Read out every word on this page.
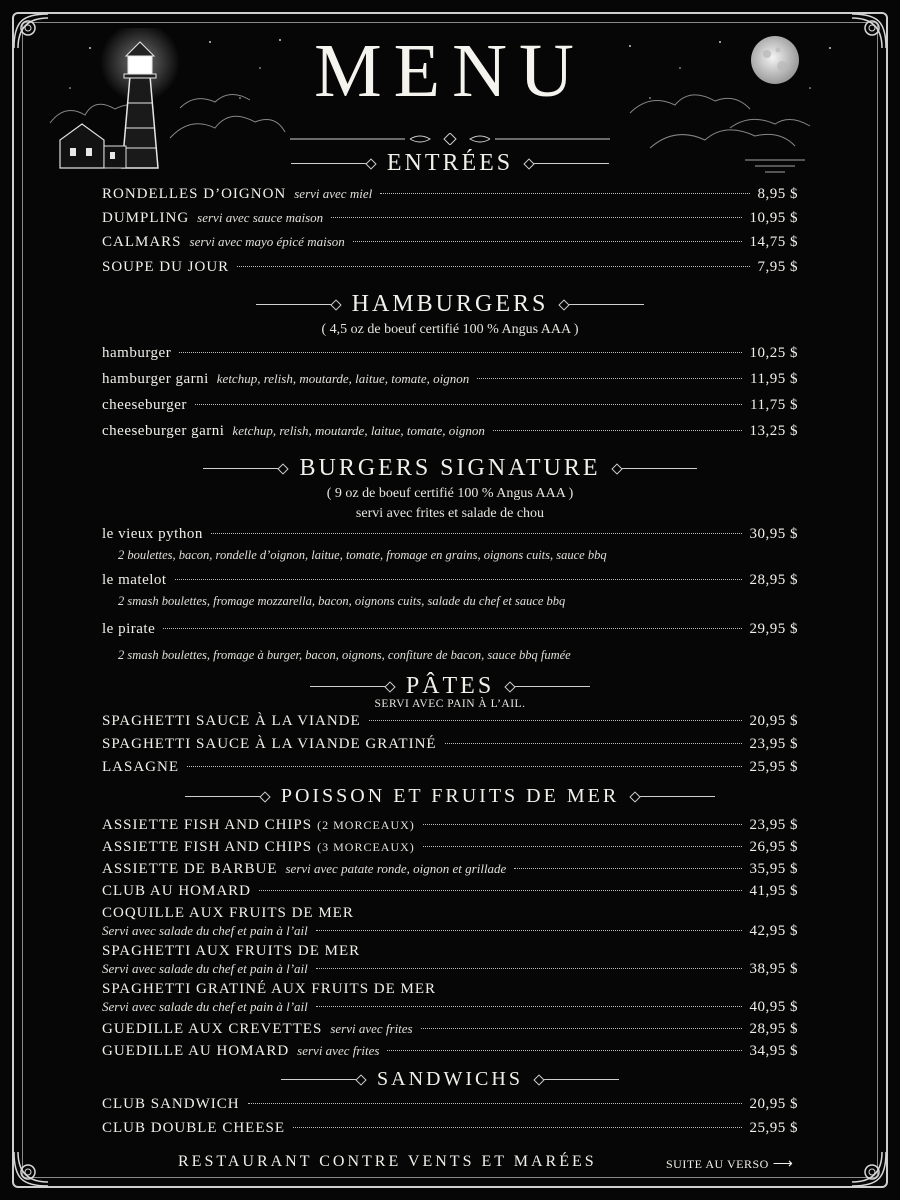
MENU
ENTRÉES
HAMBURGERS
( 4,5 oz de boeuf certifié 100 % Angus AAA )
BURGERS SIGNATURE
( 9 oz de boeuf certifié 100 % Angus AAA )
servi avec frites et salade de chou
PÂTES
SERVI AVEC PAIN À L’AIL.
POISSON ET FRUITS DE MER
SANDWICHS
RESTAURANT CONTRE VENTS ET MARÉES	SUITE AU VERSO ⟶
RONDELLES D’OIGNON servi avec miel	8,95 $
DUMPLING servi avec sauce maison	10,95 $
CALMARS servi avec mayo épicé maison	14,75 $
SOUPE DU JOUR	7,95 $
hamburger	10,25 $
hamburger garni ketchup, relish, moutarde, laitue, tomate, oignon	11,95 $
cheeseburger	11,75 $
cheeseburger garni ketchup, relish, moutarde, laitue, tomate, oignon	13,25 $
le vieux python	30,95 $
2 boulettes, bacon, rondelle d’oignon, laitue, tomate, fromage en grains, oignons cuits, sauce bbq
le matelot	28,95 $
2 smash boulettes, fromage mozzarella, bacon, oignons cuits, salade du chef et sauce bbq
le pirate	29,95 $
2 smash boulettes, fromage à burger, bacon, oignons, confiture de bacon, sauce bbq fumée
SPAGHETTI SAUCE À LA VIANDE	20,95 $
SPAGHETTI SAUCE À LA VIANDE GRATINÉ	23,95 $
LASAGNE	25,95 $
ASSIETTE FISH AND CHIPS (2 MORCEAUX)	23,95 $
ASSIETTE FISH AND CHIPS (3 MORCEAUX)	26,95 $
ASSIETTE DE BARBUE servi avec patate ronde, oignon et grillade	35,95 $
CLUB AU HOMARD	41,95 $
COQUILLE AUX FRUITS DE MER
Servi avec salade du chef et pain à l’ail	42,95 $
SPAGHETTI AUX FRUITS DE MER
Servi avec salade du chef et pain à l’ail	38,95 $
SPAGHETTI GRATINÉ AUX FRUITS DE MER
Servi avec salade du chef et pain à l’ail	40,95 $
GUEDILLE AUX CREVETTES servi avec frites	28,95 $
GUEDILLE AU HOMARD servi avec frites	34,95 $
CLUB SANDWICH	20,95 $
CLUB DOUBLE CHEESE	25,95 $
